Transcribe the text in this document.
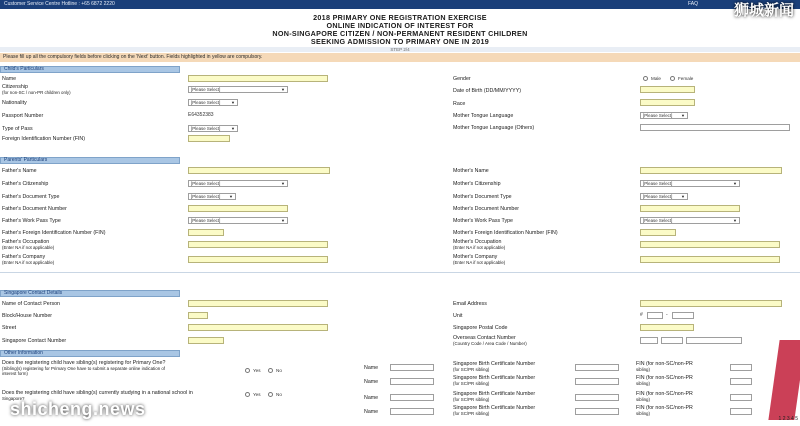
Customer Service Centre Hotline : +65 6872 2220	FAQ 狮城新闻
2018 PRIMARY ONE REGISTRATION EXERCISE
ONLINE INDICATION OF INTEREST FOR
NON-SINGAPORE CITIZEN / NON-PERMANENT RESIDENT CHILDREN
SEEKING ADMISSION TO PRIMARY ONE IN 2019
STEP 2/4
Please fill up all the compulsory fields before clicking on the 'Next' button. Fields highlighted in yellow are compulsory.
Child's Particulars
Name
Citizenship
(for non-SC / non-PR children only)
[Please Select]	▼
Nationality	[Please Select]	▼
Passport Number	E64352383
Type of Pass	[Please Select]	▼
Foreign Identification Number (FIN)
Gender	Male	Female
Date of Birth (DD/MM/YYYY)
Race
Mother Tongue Language	[Please Select] ▼
Mother Tongue Language (Others)
Parents' Particulars
Father's Name
Father's Citizenship	[Please Select]	▼
Father's Document Type	[Please Select] ▼
Father's Document Number
Father's Work Pass Type	[Please Select]	▼
Father's Foreign Identification Number (FIN)
Father's Occupation
(Enter NA if not applicable)
Father's Company
(Enter NA if not applicable)
Mother's Name
Mother's Citizenship	[Please Select]	▼
Mother's Document Type	[Please Select] ▼
Mother's Document Number
Mother's Work Pass Type	[Please Select]	▼
Mother's Foreign Identification Number (FIN)
Mother's Occupation
(Enter NA if not applicable)
Mother's Company
(Enter NA if not applicable)
Singapore Contact Details
Name of Contact Person
Block/House Number
Street
Singapore Contact Number
Email Address
Unit	#	-
Singapore Postal Code
Overseas Contact Number
(Country Code / Area Code / Number)
Other Information
Does the registering child have sibling(s) registering for Primary One?
(Sibling(s) registering for Primary One have to submit a separate online indication of
interest form)
Yes	No
Does the registering child have sibling(s) currently studying in a national school in
Singapore?
Yes	No
Name
Singapore Birth Certificate Number
(for SC/PR sibling)
FIN (for non-SC/non-PR
sibling)
Name
Singapore Birth Certificate Number
(for SC/PR sibling)
FIN (for non-SC/non-PR
sibling)
Name
Singapore Birth Certificate Number
(for SC/PR sibling)
FIN (for non-SC/non-PR
sibling)
Name
Singapore Birth Certificate Number
(for SC/PR sibling)
FIN (for non-SC/non-PR
sibling)
1 2 3 4 5
shicheng.news
